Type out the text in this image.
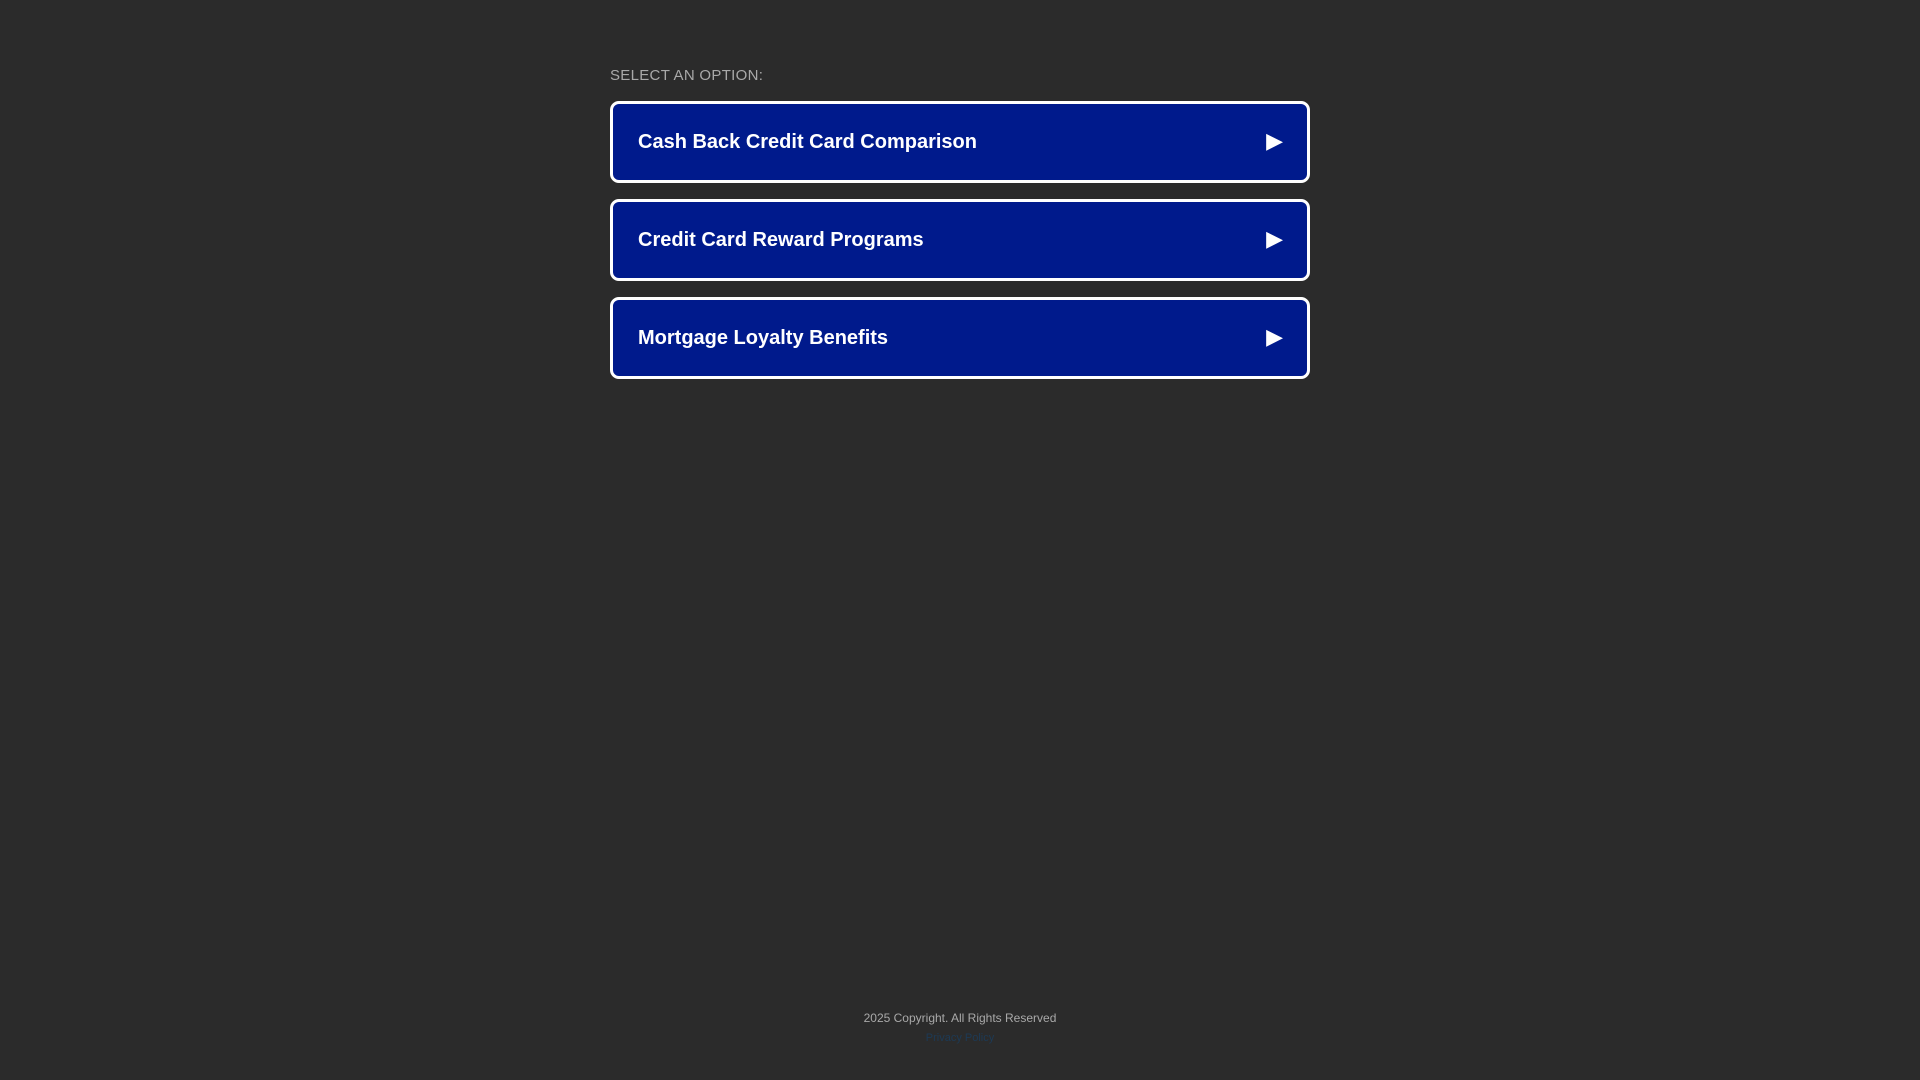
SELECT AN OPTION:
Cash Back Credit Card Comparison	▶
Credit Card Reward Programs	▶
Mortgage Loyalty Benefits	▶
2025 Copyright. All Rights Reserved
Privacy Policy
